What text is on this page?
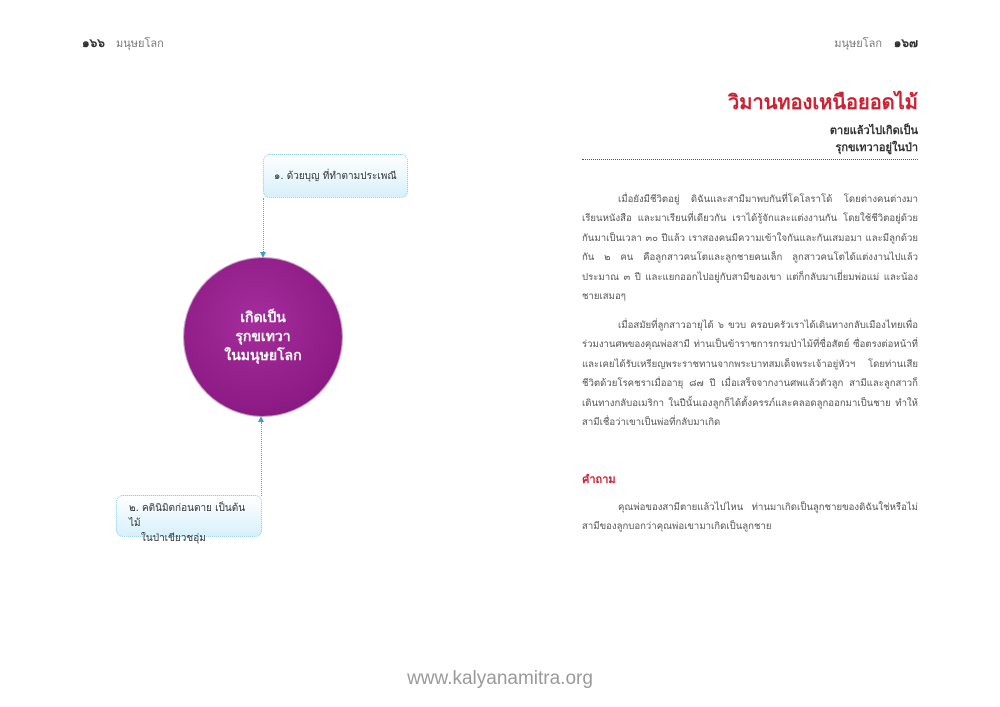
๑๖๖ มนุษยโลก	มนุษยโลก ๑๖๗
๑. ด้วยบุญ ที่ทำตามประเพณี
เกิดเป็น
รุกขเทวา
ในมนุษยโลก
๒. คตินิมิตก่อนตาย เป็นต้นไม้
ในป่าเขียวชอุ่ม
วิมานทองเหนือยอดไม้
ตายแล้วไปเกิดเป็น
รุกขเทวาอยู่ในป่า

เมื่อยังมีชีวิตอยู่ ดิฉันและสามีมาพบกันที่โคโลราโด้ โดยต่างคนต่างมาเรียนหนังสือ และมาเรียนที่เดียวกัน เราได้รู้จักและแต่งงานกัน โดยใช้ชีวิตอยู่ด้วยกันมาเป็นเวลา ๓๐ ปีแล้ว เราสองคนมีความเข้าใจกันและกันเสมอมา และมีลูกด้วยกัน ๒ คน คือลูกสาวคนโตและลูกชายคนเล็ก ลูกสาวคนโตได้แต่งงานไปแล้วประมาณ ๓ ปี และแยกออกไปอยู่กับสามีของเขา แต่ก็กลับมาเยี่ยมพ่อแม่ และน้องชายเสมอๆ

เมื่อสมัยที่ลูกสาวอายุได้ ๖ ขวบ ครอบครัวเราได้เดินทางกลับเมืองไทยเพื่อร่วมงานศพของคุณพ่อสามี ท่านเป็นข้าราชการกรมป่าไม้ที่ซื่อสัตย์ ซื่อตรงต่อหน้าที่ และเคยได้รับเหรียญพระราชทานจากพระบาทสมเด็จพระเจ้าอยู่หัวฯ โดยท่านเสียชีวิตด้วยโรคชราเมื่ออายุ ๘๗ ปี เมื่อเสร็จจากงานศพแล้วตัวลูก สามีและลูกสาวก็เดินทางกลับอเมริกา ในปีนั้นเองลูกก็ได้ตั้งครรภ์และคลอดลูกออกมาเป็นชาย ทำให้สามีเชื่อว่าเขาเป็นพ่อที่กลับมาเกิด

คำถาม

คุณพ่อของสามีตายแล้วไปไหน ท่านมาเกิดเป็นลูกชายของดิฉันใช่หรือไม่ สามีของลูกบอกว่าคุณพ่อเขามาเกิดเป็นลูกชาย

www.kalyanamitra.org
